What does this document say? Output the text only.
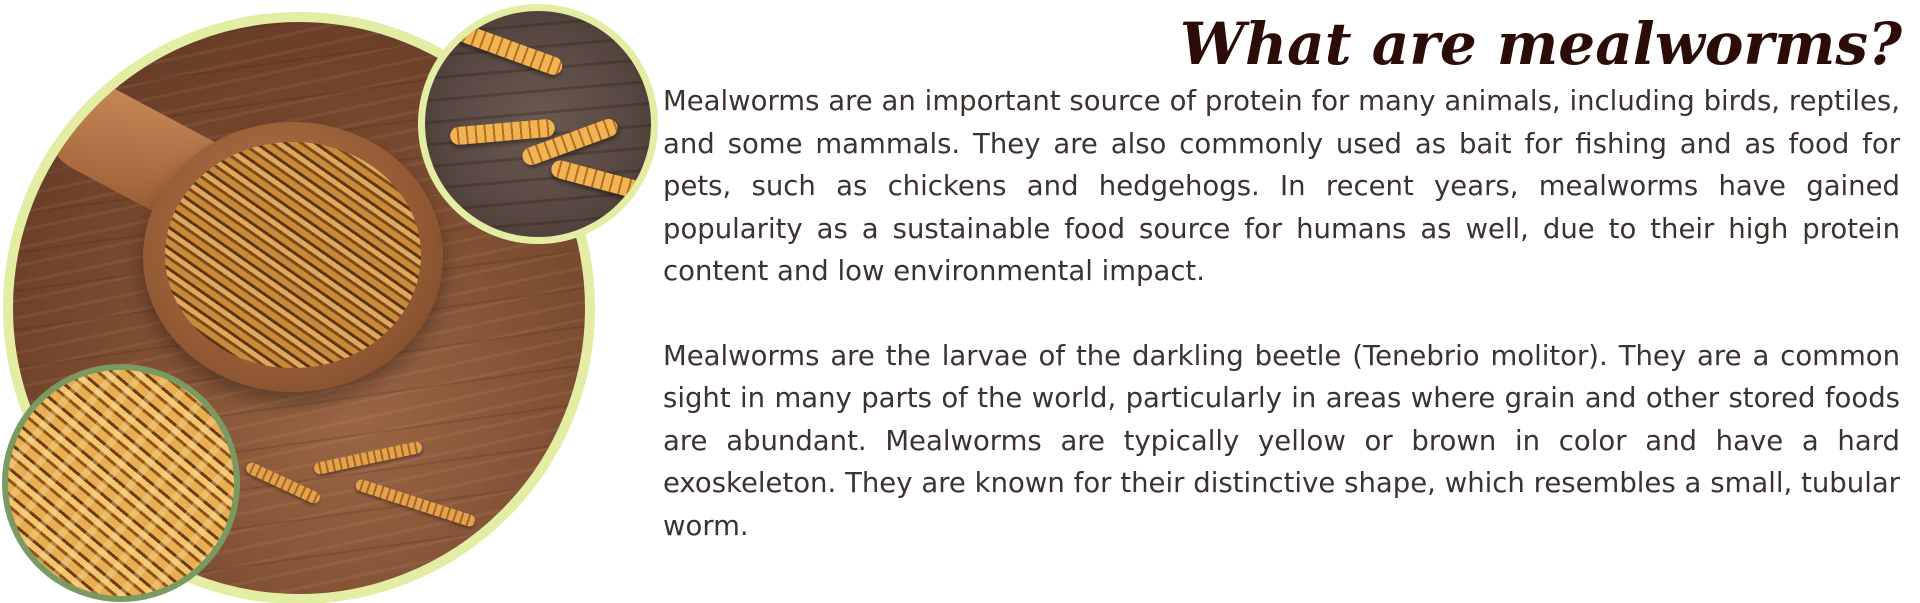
What are mealworms?

Mealworms are an important source of protein for many animals, including birds, reptiles, and some mammals. They are also commonly used as bait for fishing and as food for pets, such as chickens and hedgehogs. In recent years, mealworms have gained popularity as a sustainable food source for humans as well, due to their high protein content and low environmental impact.

Mealworms are the larvae of the darkling beetle (Tenebrio molitor). They are a common sight in many parts of the world, particularly in areas where grain and other stored foods are abundant. Mealworms are typically yellow or brown in color and have a hard exoskeleton. They are known for their distinctive shape, which resembles a small, tubular worm.
